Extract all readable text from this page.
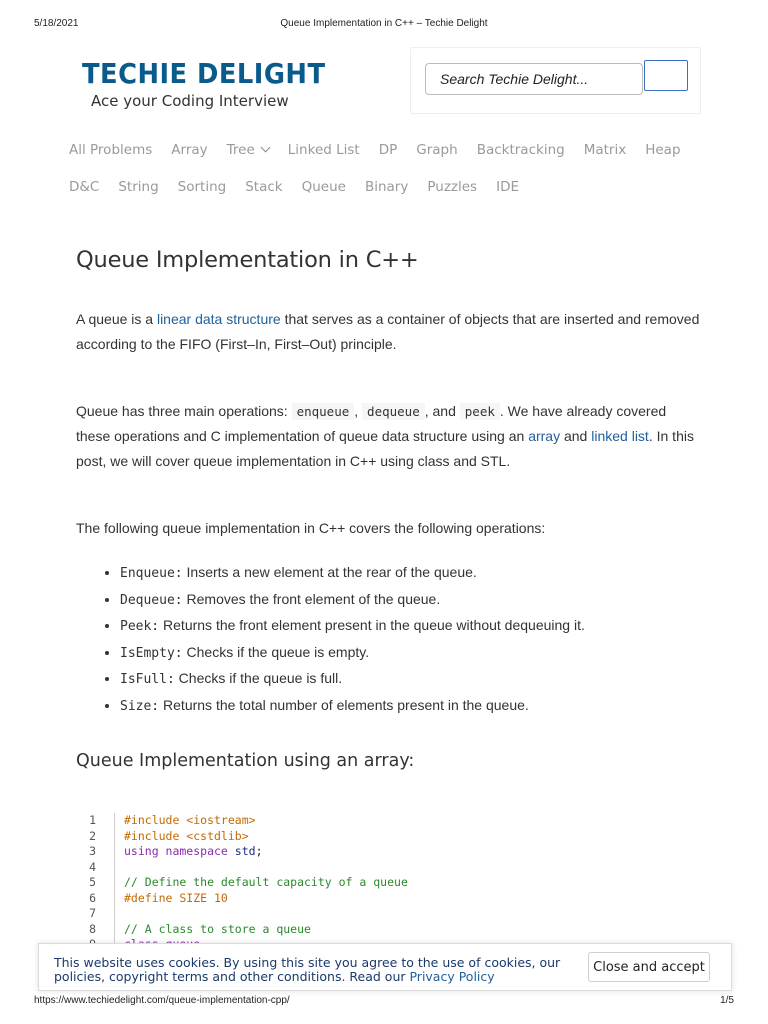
5/18/2021	Queue Implementation in C++ – Techie Delight
TECHIE DELIGHT
Ace your Coding Interview
Search Techie Delight...
All Problems Array Tree Linked List DP Graph Backtracking Matrix Heap
D&C String Sorting Stack Queue Binary Puzzles IDE
Queue Implementation in C++

A queue is a linear data structure that serves as a container of objects that are inserted and removed according to the FIFO (First–In, First–Out) principle.

Queue has three main operations: enqueue , dequeue , and peek . We have already covered these operations and C implementation of queue data structure using an array and linked list. In this post, we will cover queue implementation in C++ using class and STL.

The following queue implementation in C++ covers the following operations:

• Enqueue: Inserts a new element at the rear of the queue.
• Dequeue: Removes the front element of the queue.
• Peek: Returns the front element present in the queue without dequeuing it.
• IsEmpty: Checks if the queue is empty.
• IsFull: Checks if the queue is full.
• Size: Returns the total number of elements present in the queue.
Queue Implementation using an array:
1 #include <iostream>
2 #include <cstdlib>
3 using namespace std;
4
5 // Define the default capacity of a queue
6 #define SIZE 10
7
8 // A class to store a queue
This website uses cookies. By using this site you agree to the use of cookies, our policies, copyright terms and other conditions. Read our Privacy Policy
Close and accept
https://www.techiedelight.com/queue-implementation-cpp/	1/5
